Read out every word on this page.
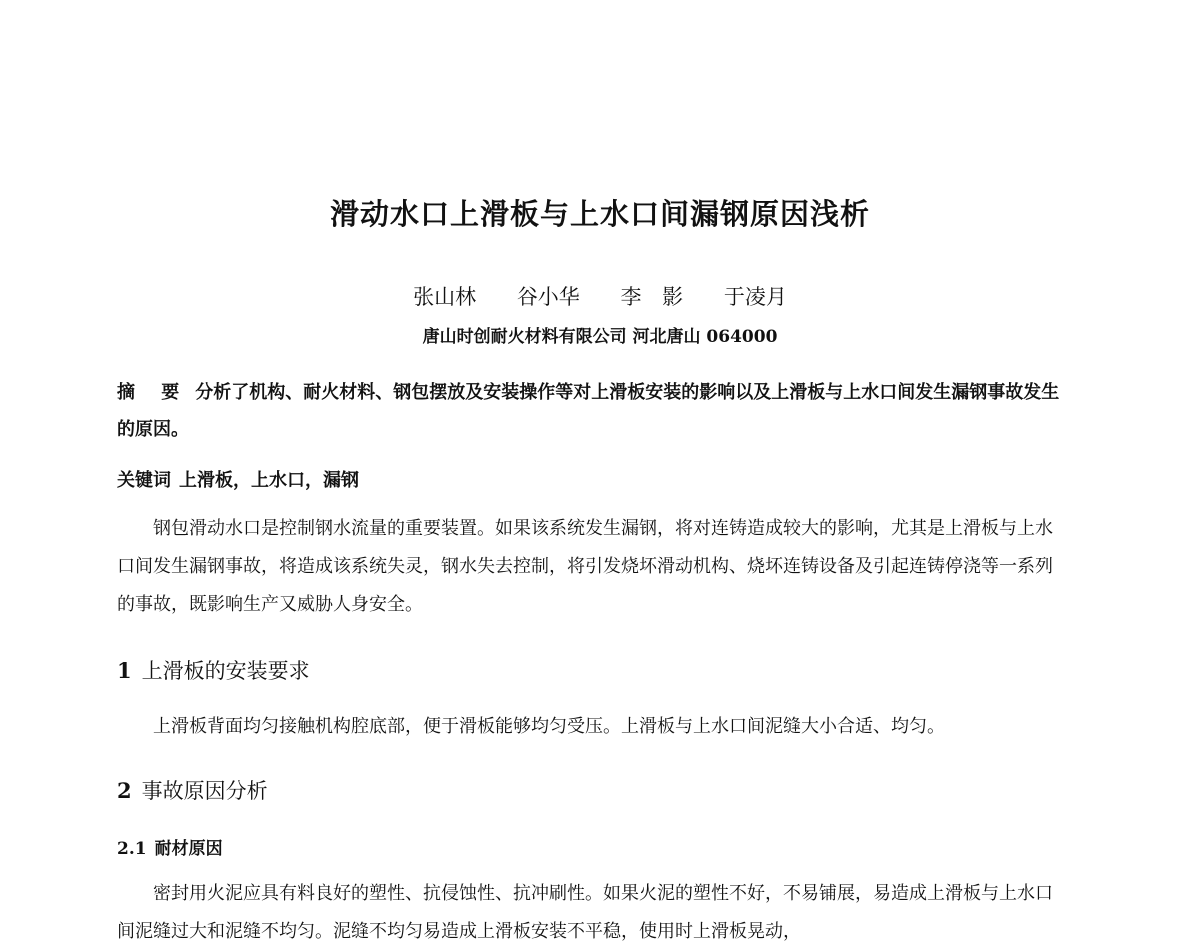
滑动水口上滑板与上水口间漏钢原因浅析
张山林 谷小华 李 影 于凌月
唐山时创耐火材料有限公司 河北唐山 064000
摘 要 分析了机构、耐火材料、钢包摆放及安装操作等对上滑板安装的影响以及上滑板与上水口间发生漏钢事故发生的原因。
关键词 上滑板，上水口，漏钢
钢包滑动水口是控制钢水流量的重要装置。如果该系统发生漏钢，将对连铸造成较大的影响，尤其是上滑板与上水口间发生漏钢事故，将造成该系统失灵，钢水失去控制，将引发烧坏滑动机构、烧坏连铸设备及引起连铸停浇等一系列的事故，既影响生产又威胁人身安全。
1 上滑板的安装要求
上滑板背面均匀接触机构腔底部，便于滑板能够均匀受压。上滑板与上水口间泥缝大小合适、均匀。
2 事故原因分析
2.1 耐材原因
密封用火泥应具有料良好的塑性、抗侵蚀性、抗冲刷性。如果火泥的塑性不好，不易铺展，易造成上滑板与上水口间泥缝过大和泥缝不均匀。泥缝不均匀易造成上滑板安装不平稳，使用时上滑板晃动，
